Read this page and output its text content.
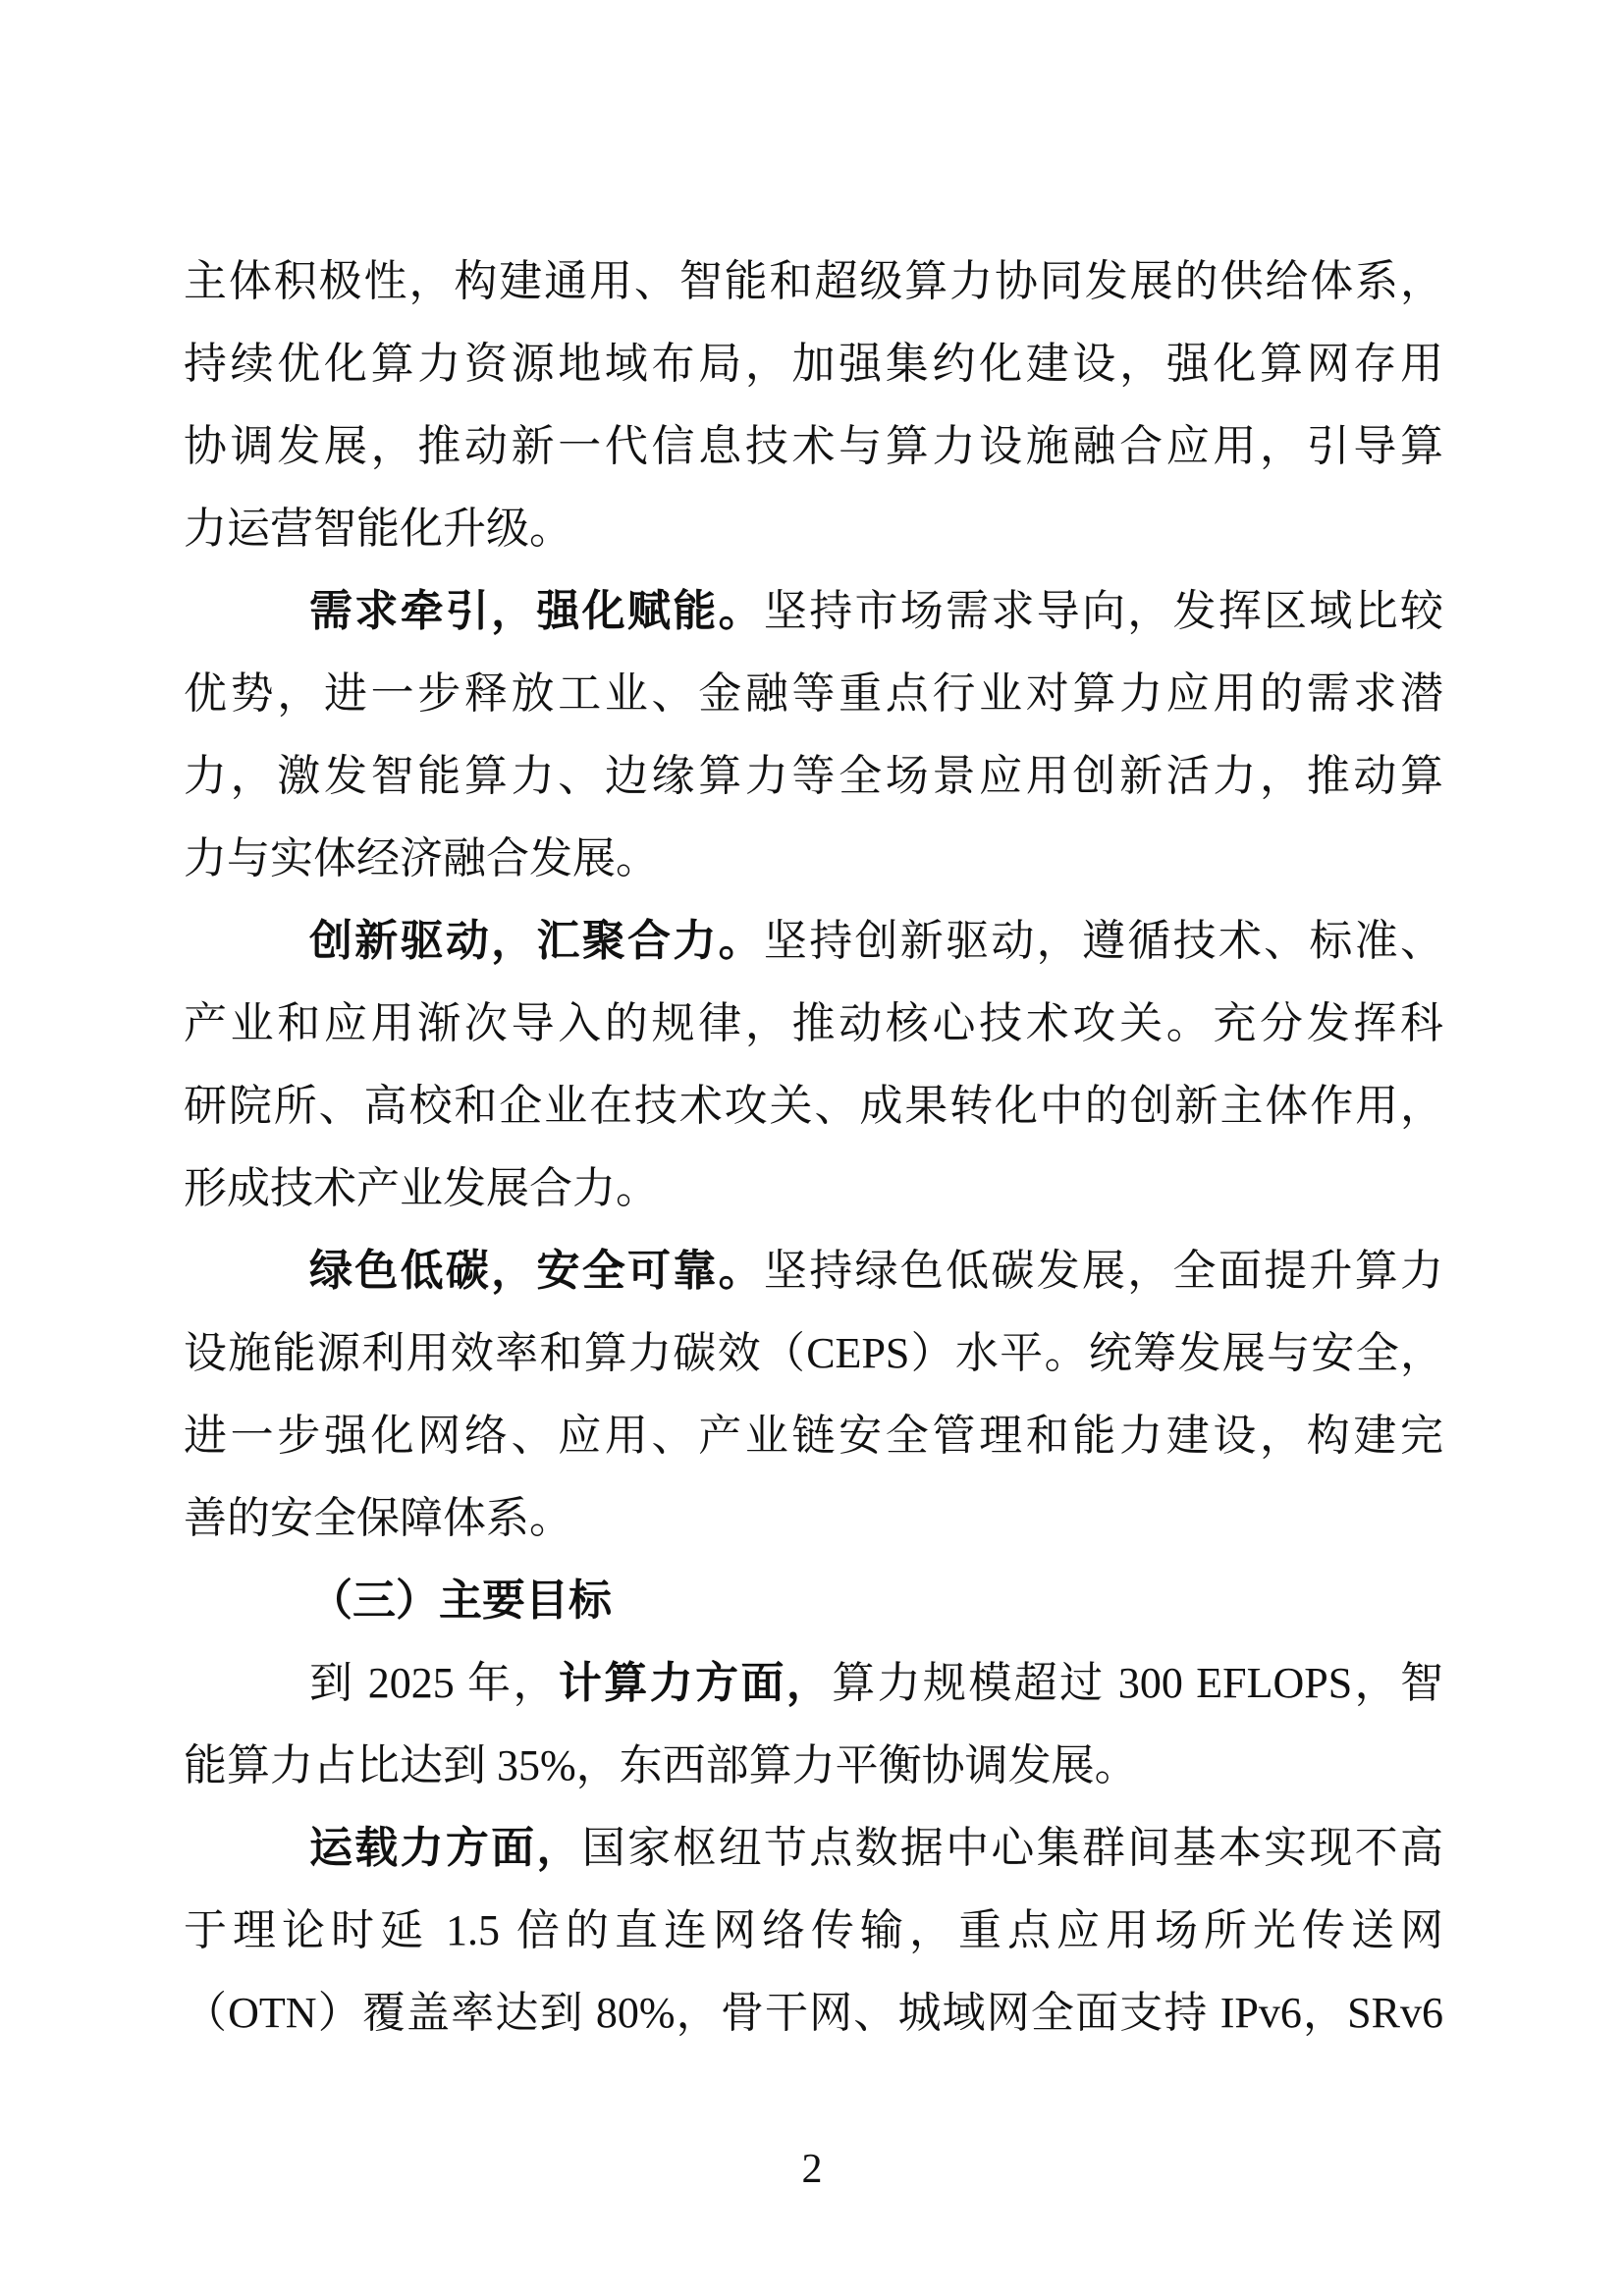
主体积极性，构建通用、智能和超级算力协同发展的供给体系，
持续优化算力资源地域布局，加强集约化建设，强化算网存用
协调发展，推动新一代信息技术与算力设施融合应用，引导算
力运营智能化升级。
需求牵引，强化赋能。坚持市场需求导向，发挥区域比较
优势，进一步释放工业、金融等重点行业对算力应用的需求潜
力，激发智能算力、边缘算力等全场景应用创新活力，推动算
力与实体经济融合发展。
创新驱动，汇聚合力。坚持创新驱动，遵循技术、标准、
产业和应用渐次导入的规律，推动核心技术攻关。充分发挥科
研院所、高校和企业在技术攻关、成果转化中的创新主体作用，
形成技术产业发展合力。
绿色低碳，安全可靠。坚持绿色低碳发展，全面提升算力
设施能源利用效率和算力碳效（CEPS）水平。统筹发展与安全，
进一步强化网络、应用、产业链安全管理和能力建设，构建完
善的安全保障体系。
（三）主要目标
到 2025 年，计算力方面，算力规模超过 300 EFLOPS，智
能算力占比达到 35%，东西部算力平衡协调发展。
运载力方面，国家枢纽节点数据中心集群间基本实现不高
于理论时延 1.5 倍的直连网络传输，重点应用场所光传送网
（OTN）覆盖率达到 80%，骨干网、城域网全面支持 IPv6，SRv6
2
